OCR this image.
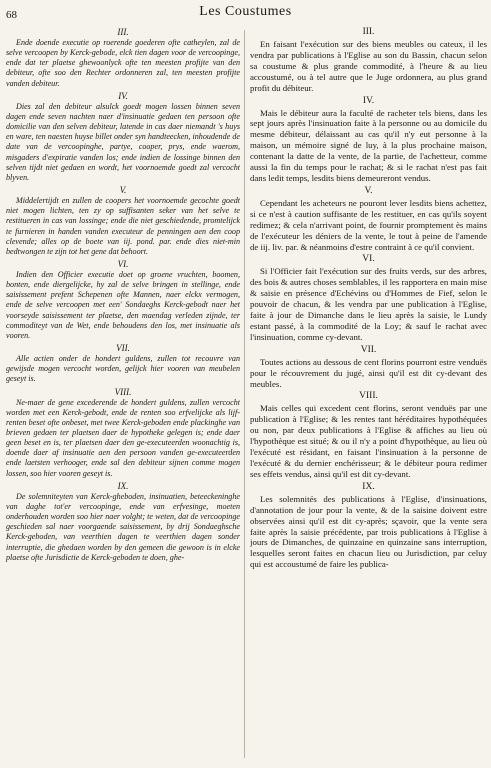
68	Les Coustumes
III.

Ende doende executie op roerende goederen ofte catheylen, zal de selve vercoopen by Kerck-gebode, elck tien dagen voor de vercoopinge, ende dat ter plaetse ghewoonlyck ofte ten meesten profijte van den debiteur, ofte soo den Rechter ordonneren zal, ten meesten profijte vanden debiteur.

IV.

Dies zal den debiteur alsulck goedt mogen lossen binnen seven dagen ende seven nachten naer d'insinuatie gedaen ten persoon ofte domicilie van den selven debiteur, latende in cas daer niemandt 's huys en ware, ten naesten huyse billet onder syn handteecken, inhoudende de date van de vercoopinghe, partye, cooper, prys, ende waerom, misgaders d'expiratie vanden los; ende indien de lossinge binnen den selven tijdt niet gedaen en wordt, het voornoemde goedt zal vercocht blyven.

V.

Middelertijdt en zullen de coopers het voornoemde gecochte goedt niet mogen lichten, ten zy op suffisanten seker van het selve te restitueren in cas van lossinge; ende die niet geschiedende, promtelijck te furnieren in handen vanden executeur de penningen aen den coop clevende; alles op de boete van iij. pond. par. ende dies niet-min bedtwongen te zijn tot het gene dat behoort.

VI.

Indien den Officier executie doet op groene vruchten, boomen, bonten, ende diergelijcke, hy zal de selve bringen in stellinge, ende saisissement prefent Schepenen ofte Mannen, naer elckx vermogen, ende de selve vercoopen met een' Sondaeghs Kerck-gebodt naer het voorseyde saisissement ter plaetse, den maendag verleden zijnde, ter commoditeyt van de Wet, ende behoudens den los, met insinuatie als vooren.

VII.

Alle actien onder de hondert guldens, zullen tot recouvre van gewijsde mogen vercocht worden, gelijck hier vooren van meubelen geseyt is.

VIII.

Ne-maer de gene excederende de hondert guldens, zullen vercocht worden met een Kerck-gebodt, ende de renten soo erfvelijcke als lijf-renten beset ofte onbeset, met twee Kerck-geboden ende plackinghe van brieven gedaen ter plaetsen daer de hypotheke gelegen is; ende daer geen beset en is, ter plaetsen daer den ge-executeerden woonachtig is, doende daer af insinuatie aen den persoon vanden ge-executeerden ende laetsten verhooger, ende sal den debiteur sijnen comme mogen lossen, soo hier vooren geseyt is.

IX.

De solemniteyten van Kerck-gheboden, insinuatien, beteeckeninghe van daghe tot'er vercoopinge, ende van erfvesinge, moeten onderhouden worden soo hier naer volght; te weten, dat de vercoopinge geschieden sal naer voorgaende saisissement, by drij Sondaeghsche Kerck-geboden, van veerthien dagen te veerthien dagen sonder interruptie, die ghedaen worden by den gemeen die gewoon is in elcke plaetse ofte Jurisdictie de Kerck-geboden te doen, ghe-

III.

En faisant l'exécution sur des biens meubles ou cateux, il les vendra par publications à l'Eglise au son du Bassin, chacun selon sa coustume & plus grande commodité, à l'heure & au lieu accoustumé, ou à tel autre que le Juge ordonnera, au plus grand profit du débiteur.

IV.

Mais le débiteur aura la faculté de racheter tels biens, dans les sept jours après l'insinuation faite à la personne ou au domicile du mesme débiteur, délaissant au cas qu'il n'y eut personne à la maison, un mémoire signé de luy, à la plus prochaine maison, contenant la datte de la vente, de la partie, de l'achetteur, comme aussi la fin du temps pour le rachat; & si le rachat n'est pas fait dans ledit temps, lesdits biens demeureront vendus.

V.

Cependant les acheteurs ne pouront lever lesdits biens achettez, si ce n'est à caution suffisante de les restituer, en cas qu'ils soyent redimez; & cela n'arrivant point, de fournir promptement ès mains de l'exécuteur les déniers de la vente, le tout à peine de l'amende de iij. liv. par. & néanmoins d'estre contraint à ce qu'il convient.

VI.

Si l'Officier fait l'exécution sur des fruits verds, sur des arbres, des bois & autres choses semblables, il les rapportera en main mise & saisie en présence d'Echévins ou d'Hommes de Fief, selon le pouvoir de chacun, & les vendra par une publication à l'Eglise, faite à jour de Dimanche dans le lieu après la saisie, le Lundy estant passé, à la commodité de la Loy; & sauf le rachat avec l'insinuation, comme cy-devant.

VII.

Toutes actions au dessous de cent florins pourront estre venduës pour le récouvrement du jugé, ainsi qu'il est dit cy-devant des meubles.

VIII.

Mais celles qui excedent cent florins, seront venduës par une publication à l'Eglise; & les rentes tant héréditaires hypothéquées ou non, par deux publications à l'Eglise & affiches au lieu où l'hypothèque est situé; & ou il n'y a point d'hypothèque, au lieu où l'exécuté est résidant, en faisant l'insinuation à la personne de l'exécuté & du dernier enchérisseur; & le débiteur poura redimer ses effets vendus, ainsi qu'il est dit cy-devant.

IX.

Les solemnités des publications à l'Eglise, d'insinuations, d'annotation de jour pour la vente, & de la saisine doivent estre observées ainsi qu'il est dit cy-après; sçavoir, que la vente sera faite après la saisie précédente, par trois publications à l'Eglise à jours de Dimanches, de quinzaine en quinzaine sans interruption, lesquelles seront faites en chacun lieu ou Jurisdiction, par celuy qui est accoustumé de faire les publica-
